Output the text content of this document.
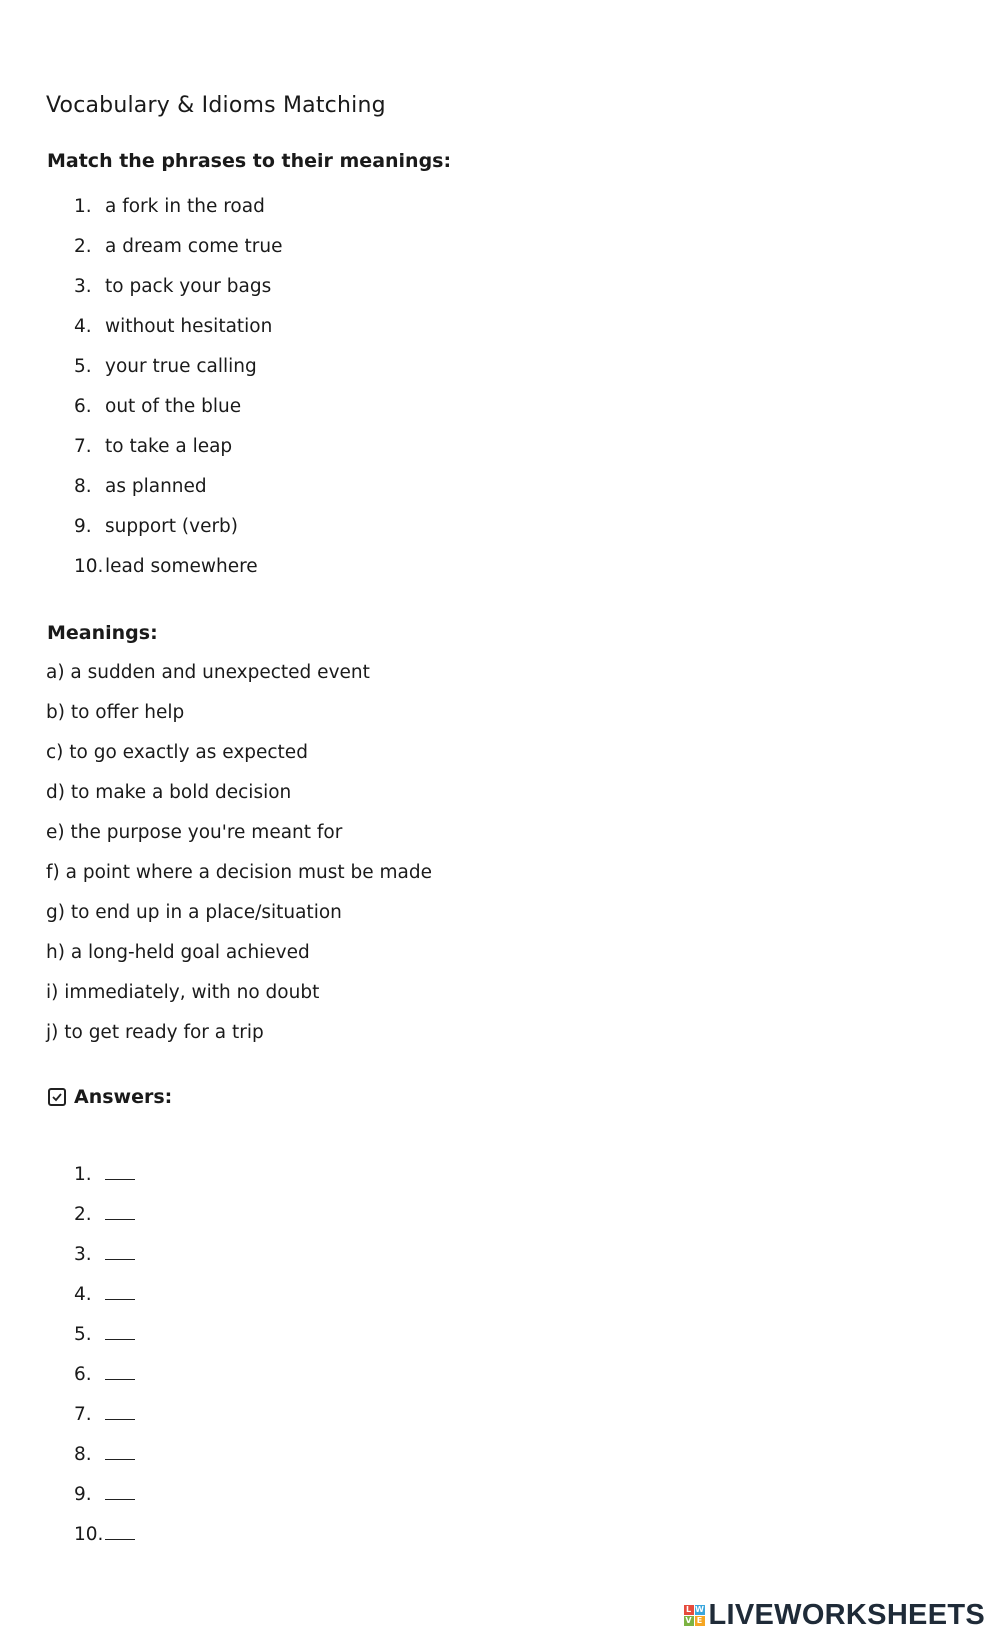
Vocabulary & Idioms Matching
Match the phrases to their meanings:
1. a fork in the road
2. a dream come true
3. to pack your bags
4. without hesitation
5. your true calling
6. out of the blue
7. to take a leap
8. as planned
9. support (verb)
10. lead somewhere
Meanings:
a) a sudden and unexpected event
b) to offer help
c) to go exactly as expected
d) to make a bold decision
e) the purpose you're meant for
f) a point where a decision must be made
g) to end up in a place/situation
h) a long-held goal achieved
i) immediately, with no doubt
j) to get ready for a trip
Answers:
1.
2.
3.
4.
5.
6.
7.
8.
9.
10.
L W
V E LIVEWORKSHEETS
